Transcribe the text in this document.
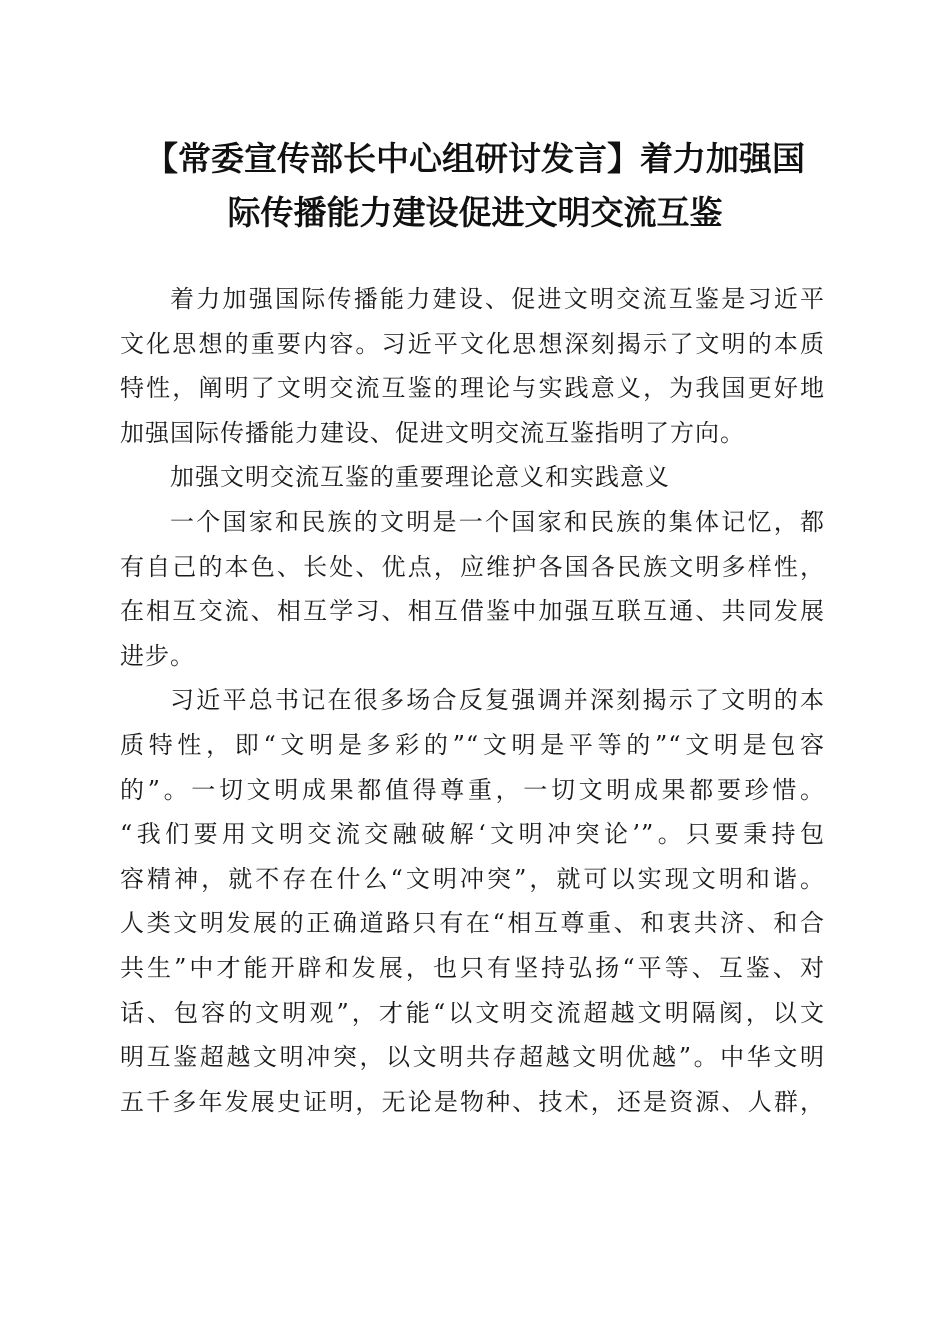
【常委宣传部长中心组研讨发言】着力加强国
际传播能力建设促进文明交流互鉴
着力加强国际传播能力建设、促进文明交流互鉴是习近平
文化思想的重要内容。习近平文化思想深刻揭示了文明的本质
特性，阐明了文明交流互鉴的理论与实践意义，为我国更好地
加强国际传播能力建设、促进文明交流互鉴指明了方向。
加强文明交流互鉴的重要理论意义和实践意义
一个国家和民族的文明是一个国家和民族的集体记忆，都
有自己的本色、长处、优点，应维护各国各民族文明多样性，
在相互交流、相互学习、相互借鉴中加强互联互通、共同发展
进步。
习近平总书记在很多场合反复强调并深刻揭示了文明的本
质特性，即“文明是多彩的”“文明是平等的”“文明是包容
的”。一切文明成果都值得尊重，一切文明成果都要珍惜。
“我们要用文明交流交融破解‘文明冲突论’”。只要秉持包
容精神，就不存在什么“文明冲突”，就可以实现文明和谐。
人类文明发展的正确道路只有在“相互尊重、和衷共济、和合
共生”中才能开辟和发展，也只有坚持弘扬“平等、互鉴、对
话、包容的文明观”，才能“以文明交流超越文明隔阂，以文
明互鉴超越文明冲突，以文明共存超越文明优越”。中华文明
五千多年发展史证明，无论是物种、技术，还是资源、人群，
